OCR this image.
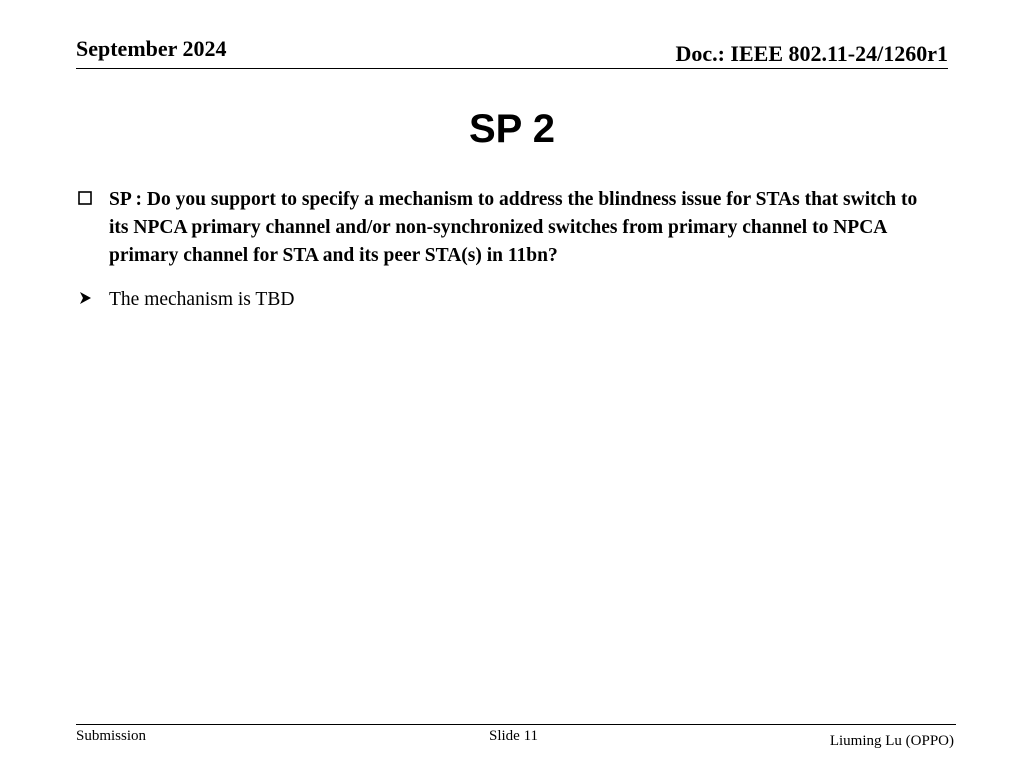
September 2024	Doc.: IEEE 802.11-24/1260r1
SP 2
SP : Do you support to specify a mechanism to address the blindness issue for STAs that switch to its NPCA primary channel and/or non-synchronized switches from primary channel to NPCA primary channel for STA and its peer STA(s) in 11bn?
The mechanism is TBD
Submission	Slide 11	Liuming Lu (OPPO)
